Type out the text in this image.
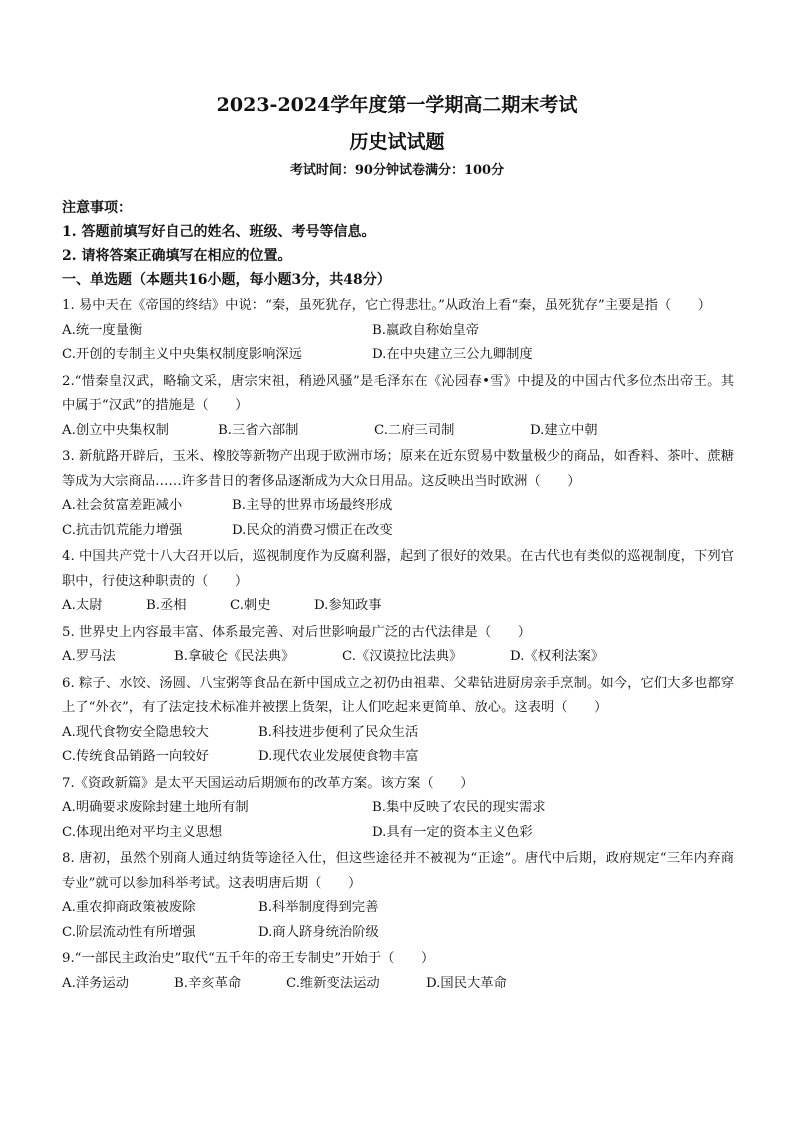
2023-2024学年度第一学期高二期末考试
历史试试题
考试时间：90分钟试卷满分：100分
注意事项：
1. 答题前填写好自己的姓名、班级、考号等信息。
2. 请将答案正确填写在相应的位置。
一、单选题（本题共16小题，每小题3分，共48分）
1. 易中天在《帝国的终结》中说：“秦，虽死犹存，它亡得悲壮。”从政治上看“秦，虽死犹存”主要是指（　　）
A.统一度量衡	B.嬴政自称始皇帝
C.开创的专制主义中央集权制度影响深远	D.在中央建立三公九卿制度
2.“惜秦皇汉武，略输文采，唐宗宋祖，稍逊风骚”是毛泽东在《沁园春•雪》中提及的中国古代多位杰出帝王。其中属于“汉武”的措施是（　　）
A.创立中央集权制	B.三省六部制	C.二府三司制	D.建立中朝
3. 新航路开辟后，玉米、橡胶等新物产出现于欧洲市场；原来在近东贸易中数量极少的商品，如香料、茶叶、蔗糖等成为大宗商品……许多昔日的奢侈品逐渐成为大众日用品。这反映出当时欧洲（　　）
A.社会贫富差距减小	B.主导的世界市场最终形成
C.抗击饥荒能力增强	D.民众的消费习惯正在改变
4. 中国共产党十八大召开以后，巡视制度作为反腐利器，起到了很好的效果。在古代也有类似的巡视制度，下列官职中，行使这种职责的（　　）
A.太尉	B.丞相	C.刺史	D.参知政事
5. 世界史上内容最丰富、体系最完善、对后世影响最广泛的古代法律是（　　）
A.罗马法	B.拿破仑《民法典》	C.《汉谟拉比法典》	D.《权利法案》
6. 粽子、水饺、汤圆、八宝粥等食品在新中国成立之初仍由祖辈、父辈钻进厨房亲手烹制。如今，它们大多也都穿上了“外衣”，有了法定技术标准并被摆上货架，让人们吃起来更简单、放心。这表明（　　）
A.现代食物安全隐患较大	B.科技进步便利了民众生活
C.传统食品销路一向较好	D.现代农业发展使食物丰富
7.《资政新篇》是太平天国运动后期颁布的改革方案。该方案（　　）
A.明确要求废除封建土地所有制	B.集中反映了农民的现实需求
C.体现出绝对平均主义思想	D.具有一定的资本主义色彩
8. 唐初，虽然个别商人通过纳货等途径入仕，但这些途径并不被视为“正途”。唐代中后期，政府规定“三年内弃商专业”就可以参加科举考试。这表明唐后期（　　）
A.重农抑商政策被废除	B.科举制度得到完善
C.阶层流动性有所增强	D.商人跻身统治阶级
9.“一部民主政治史”取代“五千年的帝王专制史”开始于（　　）
A.洋务运动	B.辛亥革命	C.维新变法运动	D.国民大革命
